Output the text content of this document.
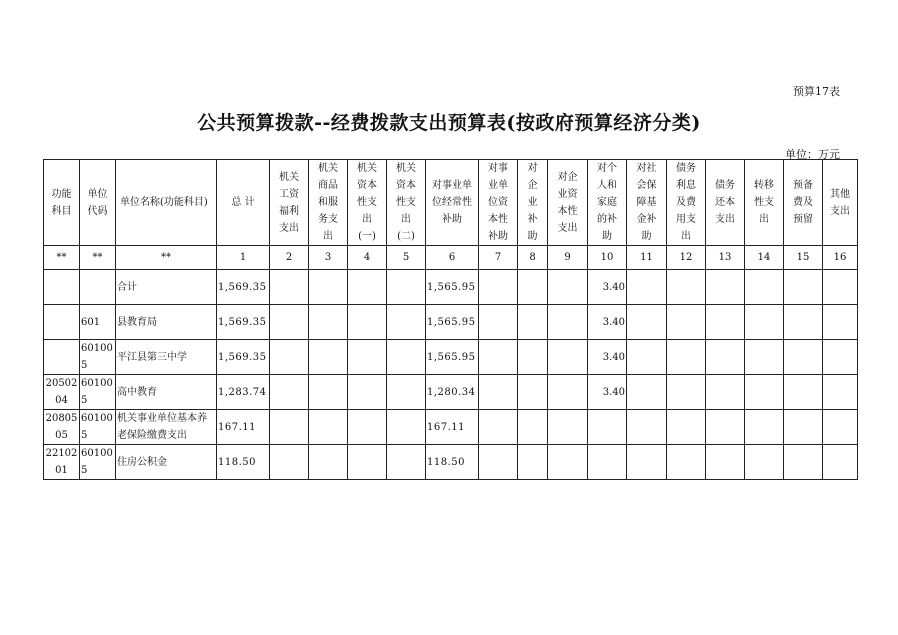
预算17表
公共预算拨款--经费拨款支出预算表(按政府预算经济分类)
单位：万元
功能科目	单位代码	单位名称(功能科目)	总 计	机关工资福利支出	机关商品和服务支出	机关资本性支出(一)	机关资本性支出(二)	对事业单位经常性补助	对事业单位资本性补助	对企业补助	对企业资本性支出	对个人和家庭的补助	对社会保障基金补助	债务利息及费用支出	债务还本支出	转移性支出	预备费及预留	其他支出
**	**	**	1	2	3	4	5	6	7	8	9	10	11	12	13	14	15	16
		合计	1,569.35					1,565.95				3.40						
	601	县教育局	1,569.35					1,565.95				3.40						
	601005	平江县第三中学	1,569.35					1,565.95				3.40						
2050204	601005	高中教育	1,283.74					1,280.34				3.40						
2080505	601005	机关事业单位基本养老保险缴费支出	167.11					167.11										
2210201	601005	住房公积金	118.50					118.50										
